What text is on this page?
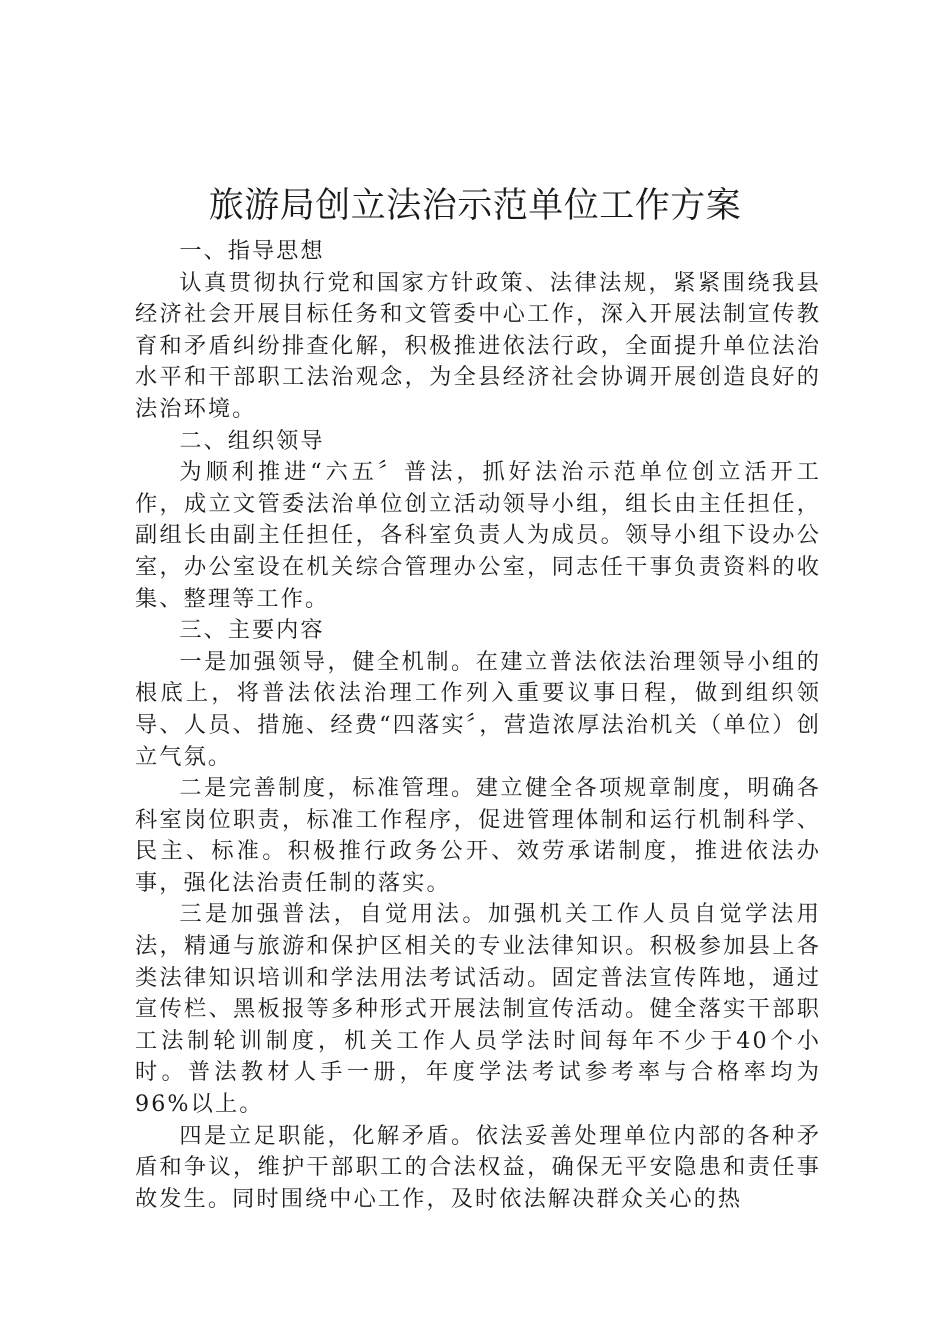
旅游局创立法治示范单位工作方案

一、指导思想

认真贯彻执行党和国家方针政策、法律法规，紧紧围绕我县经济社会开展目标任务和文管委中心工作，深入开展法制宣传教育和矛盾纠纷排查化解，积极推进依法行政，全面提升单位法治水平和干部职工法治观念，为全县经济社会协调开展创造良好的法治环境。

二、组织领导

为顺利推进“六五〞普法，抓好法治示范单位创立活开工作，成立文管委法治单位创立活动领导小组，组长由主任担任，副组长由副主任担任，各科室负责人为成员。领导小组下设办公室，办公室设在机关综合管理办公室，同志任干事负责资料的收集、整理等工作。

三、主要内容

一是加强领导，健全机制。在建立普法依法治理领导小组的根底上，将普法依法治理工作列入重要议事日程，做到组织领导、人员、措施、经费“四落实〞，营造浓厚法治机关（单位）创立气氛。

二是完善制度，标准管理。建立健全各项规章制度，明确各科室岗位职责，标准工作程序，促进管理体制和运行机制科学、民主、标准。积极推行政务公开、效劳承诺制度，推进依法办事，强化法治责任制的落实。

三是加强普法，自觉用法。加强机关工作人员自觉学法用法，精通与旅游和保护区相关的专业法律知识。积极参加县上各类法律知识培训和学法用法考试活动。固定普法宣传阵地，通过宣传栏、黑板报等多种形式开展法制宣传活动。健全落实干部职工法制轮训制度，机关工作人员学法时间每年不少于40个小时。普法教材人手一册，年度学法考试参考率与合格率均为96%以上。

四是立足职能，化解矛盾。依法妥善处理单位内部的各种矛盾和争议，维护干部职工的合法权益，确保无平安隐患和责任事故发生。同时围绕中心工作，及时依法解决群众关心的热
